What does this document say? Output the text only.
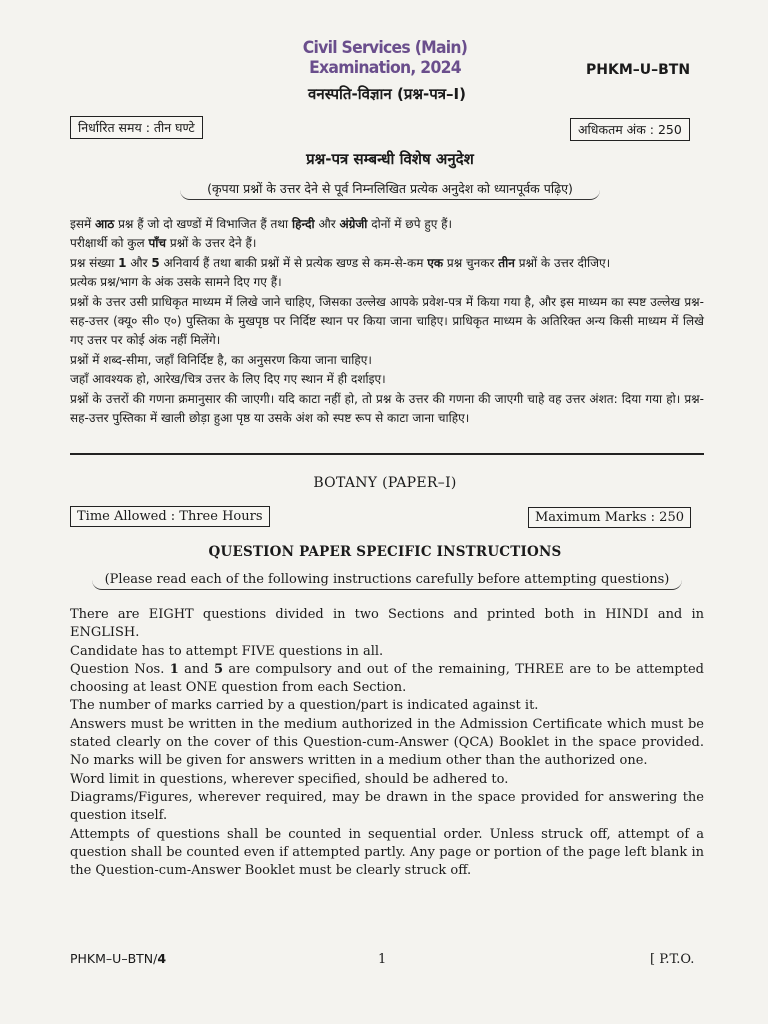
Civil Services (Main) Examination, 2024	PHKM–U–BTN
वनस्पति-विज्ञान (प्रश्न-पत्र–I)
निर्धारित समय : तीन घण्टे	अधिकतम अंक : 250
प्रश्न-पत्र सम्बन्धी विशेष अनुदेश
(कृपया प्रश्नों के उत्तर देने से पूर्व निम्नलिखित प्रत्येक अनुदेश को ध्यानपूर्वक पढ़िए)

इसमें आठ प्रश्न हैं जो दो खण्डों में विभाजित हैं तथा हिन्दी और अंग्रेजी दोनों में छपे हुए हैं।

परीक्षार्थी को कुल पाँच प्रश्नों के उत्तर देने हैं।

प्रश्न संख्या 1 और 5 अनिवार्य हैं तथा बाकी प्रश्नों में से प्रत्येक खण्ड से कम-से-कम एक प्रश्न चुनकर तीन प्रश्नों के उत्तर दीजिए।

प्रत्येक प्रश्न/भाग के अंक उसके सामने दिए गए हैं।

प्रश्नों के उत्तर उसी प्राधिकृत माध्यम में लिखे जाने चाहिए, जिसका उल्लेख आपके प्रवेश-पत्र में किया गया है, और इस माध्यम का स्पष्ट उल्लेख प्रश्न-सह-उत्तर (क्यू० सी० ए०) पुस्तिका के मुखपृष्ठ पर निर्दिष्ट स्थान पर किया जाना चाहिए। प्राधिकृत माध्यम के अतिरिक्त अन्य किसी माध्यम में लिखे गए उत्तर पर कोई अंक नहीं मिलेंगे।

प्रश्नों में शब्द-सीमा, जहाँ विनिर्दिष्ट है, का अनुसरण किया जाना चाहिए।

जहाँ आवश्यक हो, आरेख/चित्र उत्तर के लिए दिए गए स्थान में ही दर्शाइए।

प्रश्नों के उत्तरों की गणना क्रमानुसार की जाएगी। यदि काटा नहीं हो, तो प्रश्न के उत्तर की गणना की जाएगी चाहे वह उत्तर अंशत: दिया गया हो। प्रश्न-सह-उत्तर पुस्तिका में खाली छोड़ा हुआ पृष्ठ या उसके अंश को स्पष्ट रूप से काटा जाना चाहिए।

BOTANY (PAPER–I)
Time Allowed : Three Hours	Maximum Marks : 250
QUESTION PAPER SPECIFIC INSTRUCTIONS
(Please read each of the following instructions carefully before attempting questions)

There are EIGHT questions divided in two Sections and printed both in HINDI and in ENGLISH.

Candidate has to attempt FIVE questions in all.

Question Nos. 1 and 5 are compulsory and out of the remaining, THREE are to be attempted choosing at least ONE question from each Section.

The number of marks carried by a question/part is indicated against it.

Answers must be written in the medium authorized in the Admission Certificate which must be stated clearly on the cover of this Question-cum-Answer (QCA) Booklet in the space provided. No marks will be given for answers written in a medium other than the authorized one.

Word limit in questions, wherever specified, should be adhered to.

Diagrams/Figures, wherever required, may be drawn in the space provided for answering the question itself.

Attempts of questions shall be counted in sequential order. Unless struck off, attempt of a question shall be counted even if attempted partly. Any page or portion of the page left blank in the Question-cum-Answer Booklet must be clearly struck off.

PHKM–U–BTN/4	1	[ P.T.O.
